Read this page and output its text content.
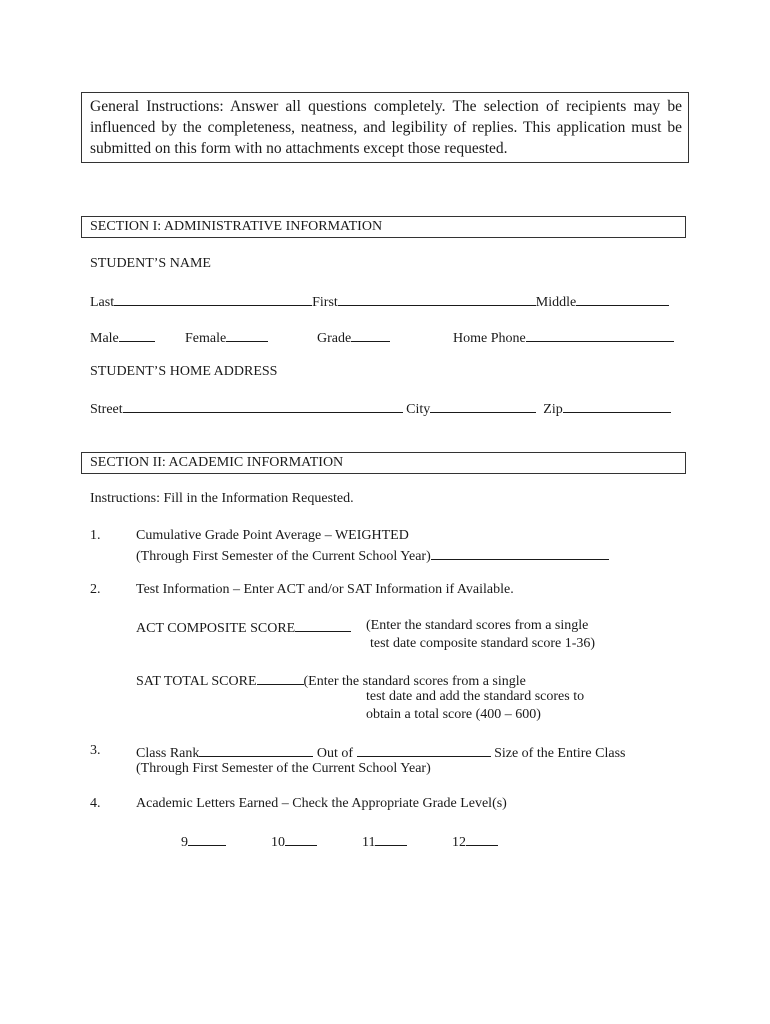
General Instructions: Answer all questions completely. The selection of recipients may be influenced by the completeness, neatness, and legibility of replies. This application must be submitted on this form with no attachments except those requested.

SECTION I: ADMINISTRATIVE INFORMATION
STUDENT’S NAME
Last	First	Middle
Male	Female	Grade	Home Phone
STUDENT’S HOME ADDRESS
Street	City	Zip
SECTION II: ACADEMIC INFORMATION
Instructions: Fill in the Information Requested.
1.	Cumulative Grade Point Average – WEIGHTED
(Through First Semester of the Current School Year)
2.	Test Information – Enter ACT and/or SAT Information if Available.
ACT COMPOSITE SCORE	(Enter the standard scores from a single
test date composite standard score 1-36)
SAT TOTAL SCORE	(Enter the standard scores from a single
test date and add the standard scores to
obtain a total score (400 – 600)
3.	Class Rank	Out of	Size of the Entire Class
(Through First Semester of the Current School Year)
4.	Academic Letters Earned – Check the Appropriate Grade Level(s)
9	10	11	12
